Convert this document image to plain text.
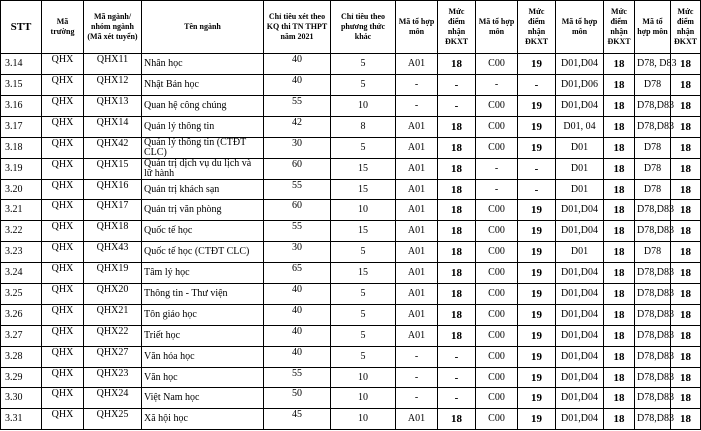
STT	Mã trường	Mã ngành/ nhóm ngành (Mã xét tuyển)	Tên ngành	Chỉ tiêu xét theo KQ thi TN THPT năm 2021	Chỉ tiêu theo phương thức khác	Mã tổ hợp môn	Mức điểm nhận ĐKXT	Mã tổ hợp môn	Mức điểm nhận ĐKXT	Mã tổ hợp môn	Mức điểm nhận ĐKXT	Mã tổ hợp môn	Mức điểm nhận ĐKXT
3.14	QHX	QHX11	Nhân học	40	5	A01	18	C00	19	D01,D04	18	D78, D83	18
3.15	QHX	QHX12	Nhật Bản học	40	5	-	-	-	-	D01,D06	18	D78	18
3.16	QHX	QHX13	Quan hệ công chúng	55	10	-	-	C00	19	D01,D04	18	D78,D83	18
3.17	QHX	QHX14	Quản lý thông tin	42	8	A01	18	C00	19	D01, 04	18	D78,D83	18
3.18	QHX	QHX42	Quản lý thông tin (CTĐT CLC)	30	5	A01	18	C00	19	D01	18	D78	18
3.19	QHX	QHX15	Quản trị dịch vụ du lịch và lữ hành	60	15	A01	18	-	-	D01	18	D78	18
3.20	QHX	QHX16	Quản trị khách sạn	55	15	A01	18	-	-	D01	18	D78	18
3.21	QHX	QHX17	Quản trị văn phòng	60	10	A01	18	C00	19	D01,D04	18	D78,D83	18
3.22	QHX	QHX18	Quốc tế học	55	15	A01	18	C00	19	D01,D04	18	D78,D83	18
3.23	QHX	QHX43	Quốc tế học (CTĐT CLC)	30	5	A01	18	C00	19	D01	18	D78	18
3.24	QHX	QHX19	Tâm lý học	65	15	A01	18	C00	19	D01,D04	18	D78,D83	18
3.25	QHX	QHX20	Thông tin - Thư viện	40	5	A01	18	C00	19	D01,D04	18	D78,D83	18
3.26	QHX	QHX21	Tôn giáo học	40	5	A01	18	C00	19	D01,D04	18	D78,D83	18
3.27	QHX	QHX22	Triết học	40	5	A01	18	C00	19	D01,D04	18	D78,D83	18
3.28	QHX	QHX27	Văn hóa học	40	5	-	-	C00	19	D01,D04	18	D78,D83	18
3.29	QHX	QHX23	Văn học	55	10	-	-	C00	19	D01,D04	18	D78,D83	18
3.30	QHX	QHX24	Việt Nam học	50	10	-	-	C00	19	D01,D04	18	D78,D83	18
3.31	QHX	QHX25	Xã hội học	45	10	A01	18	C00	19	D01,D04	18	D78,D83	18
